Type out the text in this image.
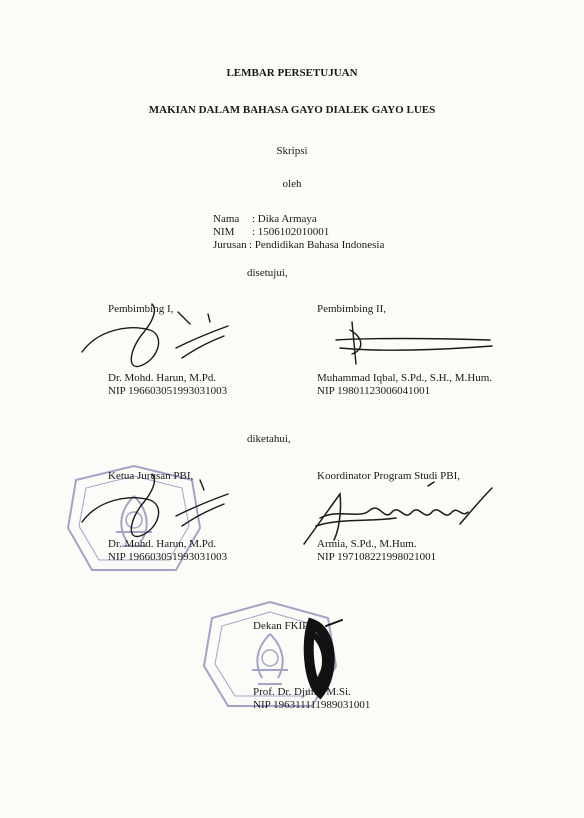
LEMBAR PERSETUJUAN
MAKIAN DALAM BAHASA GAYO DIALEK GAYO LUES
Skripsi
oleh
Nama : Dika Armaya
NIM : 1506102010001
Jurusan : Pendidikan Bahasa Indonesia
disetujui,
Pembimbing I,
Dr. Mohd. Harun, M.Pd.
NIP 196603051993031003
Pembimbing II,
Muhammad Iqbal, S.Pd., S.H., M.Hum.
NIP 19801123006041001
diketahui,
Ketua Jurusan PBI,
Dr. Mohd. Harun, M.Pd.
NIP 196603051993031003
Koordinator Program Studi PBI,
Armia, S.Pd., M.Hum.
NIP 197108221998021001
Dekan FKIP,
Prof. Dr. Djufri, M.Si.
NIP 196311111989031001
